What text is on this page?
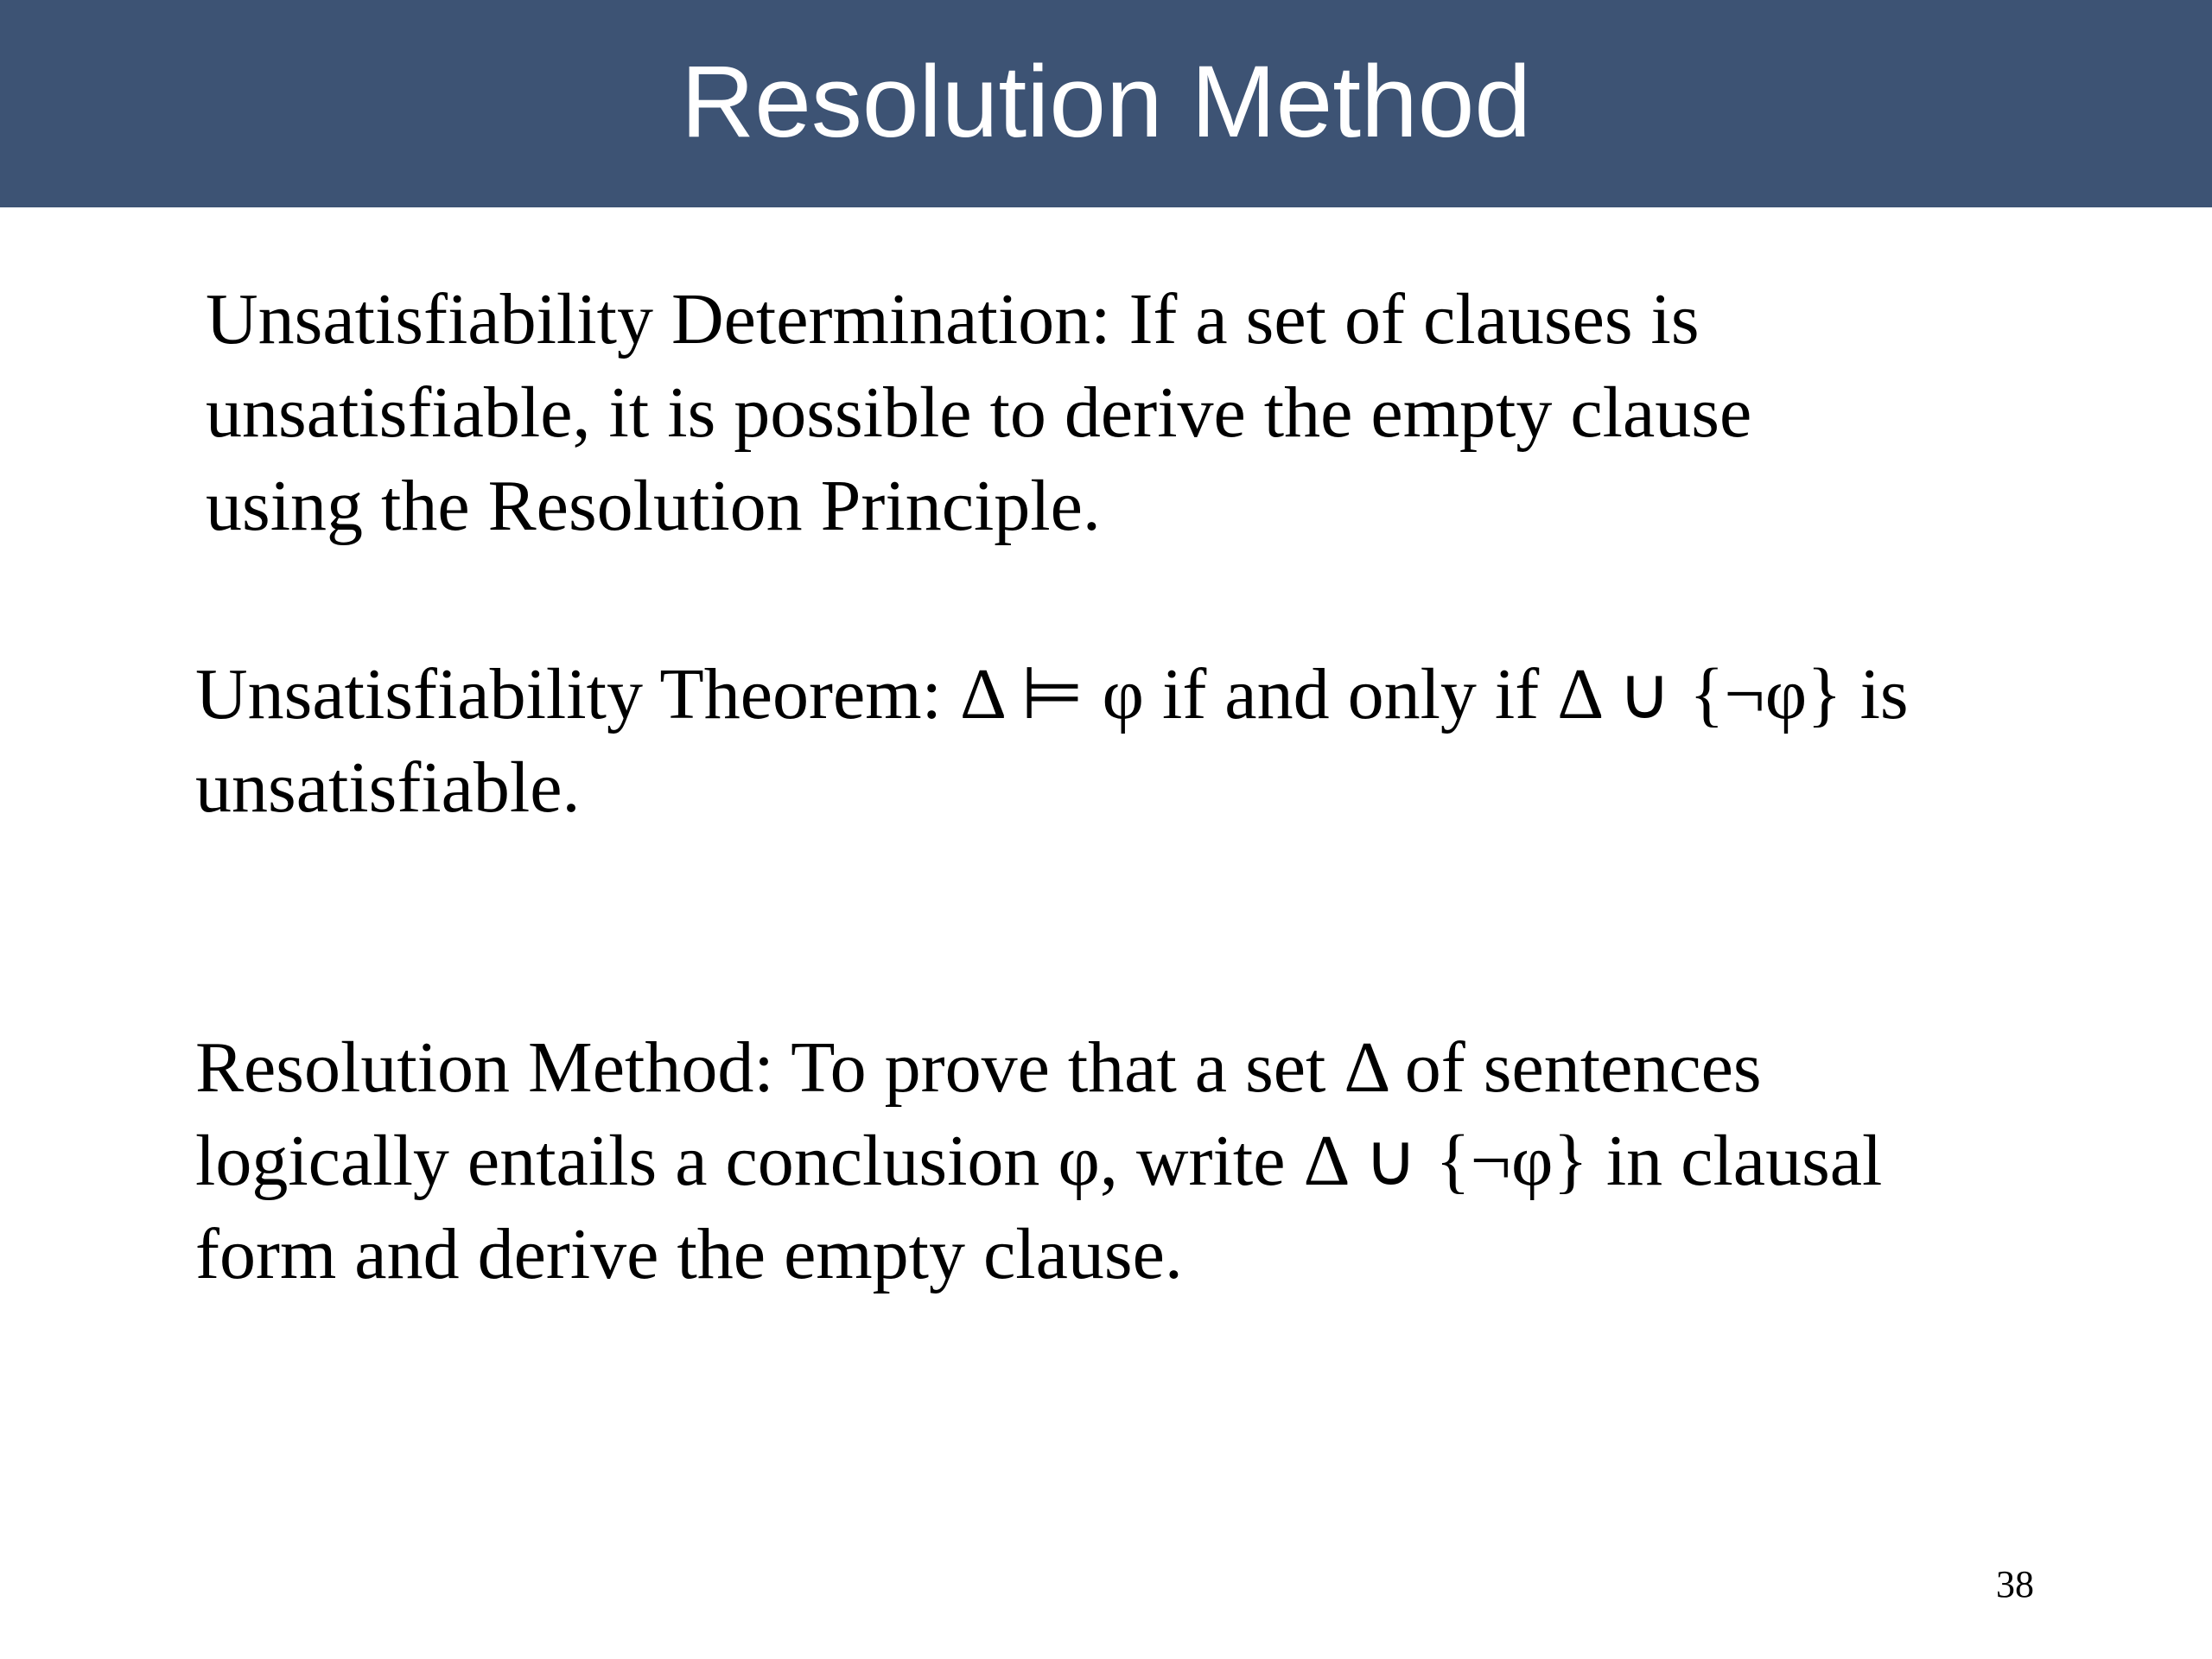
Resolution Method
Unsatisfiability Determination: If a set of clauses is
unsatisfiable, it is possible to derive the empty clause
using the Resolution Principle.
Unsatisfiability Theorem: Δ ⊨ φ if and only if Δ ∪ {¬φ} is
unsatisfiable.
Resolution Method: To prove that a set Δ of sentences
logically entails a conclusion φ, write Δ ∪ {¬φ} in clausal
form and derive the empty clause.
38
